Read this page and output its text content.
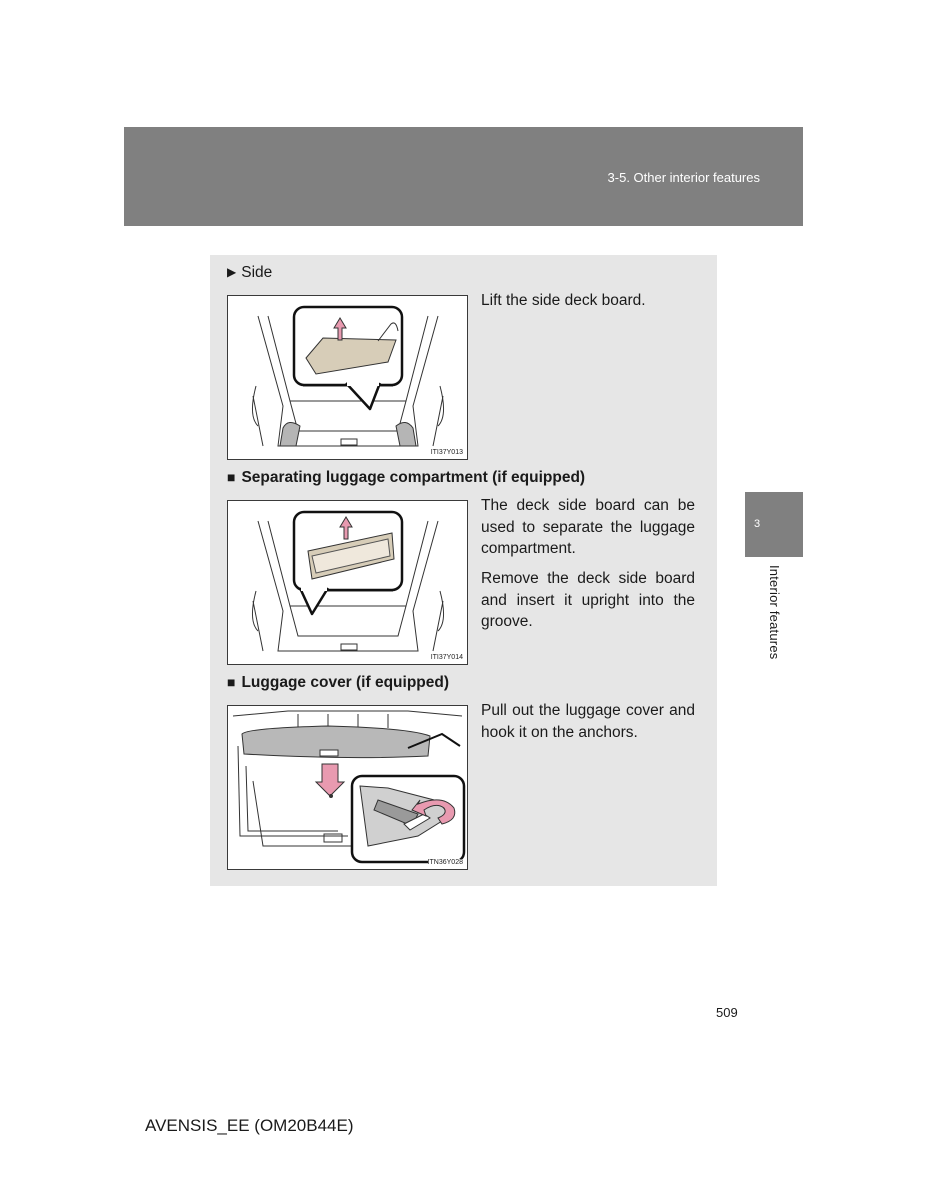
3-5. Other interior features
3
Interior features
▶ Side
ITI37Y013

Lift the side deck board.

■ Separating luggage compartment (if equipped)
ITI37Y014

The deck side board can be used to separate the luggage compartment.

Remove the deck side board and insert it upright into the groove.

■ Luggage cover (if equipped)
ITN36Y028

Pull out the luggage cover and hook it on the anchors.

509
AVENSIS_EE (OM20B44E)
